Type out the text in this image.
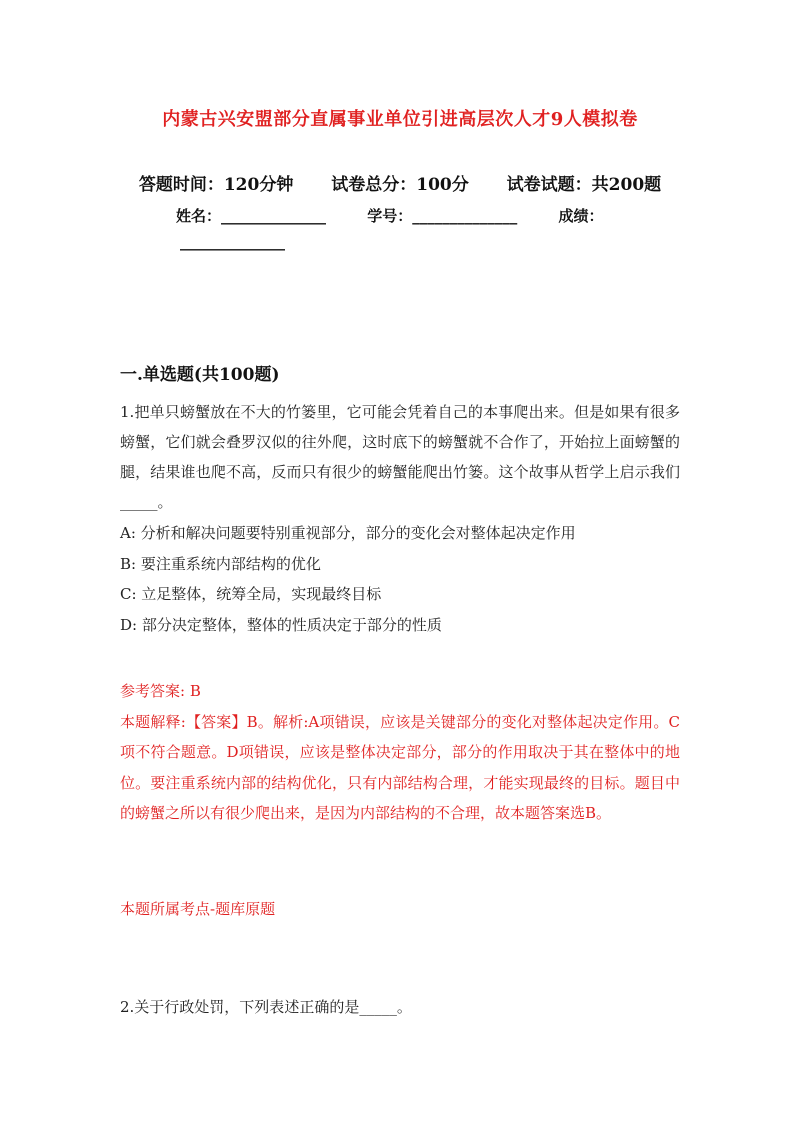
内蒙古兴安盟部分直属事业单位引进高层次人才9人模拟卷
答题时间：120分钟 试卷总分：100分 试卷试题：共200题
姓名：______________	学号：______________	成绩：
______________
一.单选题(共100题)
1.把单只螃蟹放在不大的竹篓里，它可能会凭着自己的本事爬出来。但是如果有很多螃蟹，它们就会叠罗汉似的往外爬，这时底下的螃蟹就不合作了，开始拉上面螃蟹的腿，结果谁也爬不高，反而只有很少的螃蟹能爬出竹篓。这个故事从哲学上启示我们_____。
A: 分析和解决问题要特别重视部分，部分的变化会对整体起决定作用
B: 要注重系统内部结构的优化
C: 立足整体，统筹全局，实现最终目标
D: 部分决定整体，整体的性质决定于部分的性质
参考答案: B
本题解释:【答案】B。解析:A项错误，应该是关键部分的变化对整体起决定作用。C项不符合题意。D项错误，应该是整体决定部分，部分的作用取决于其在整体中的地位。要注重系统内部的结构优化，只有内部结构合理，才能实现最终的目标。题目中的螃蟹之所以有很少爬出来，是因为内部结构的不合理，故本题答案选B。
本题所属考点-题库原题
2.关于行政处罚，下列表述正确的是_____。
